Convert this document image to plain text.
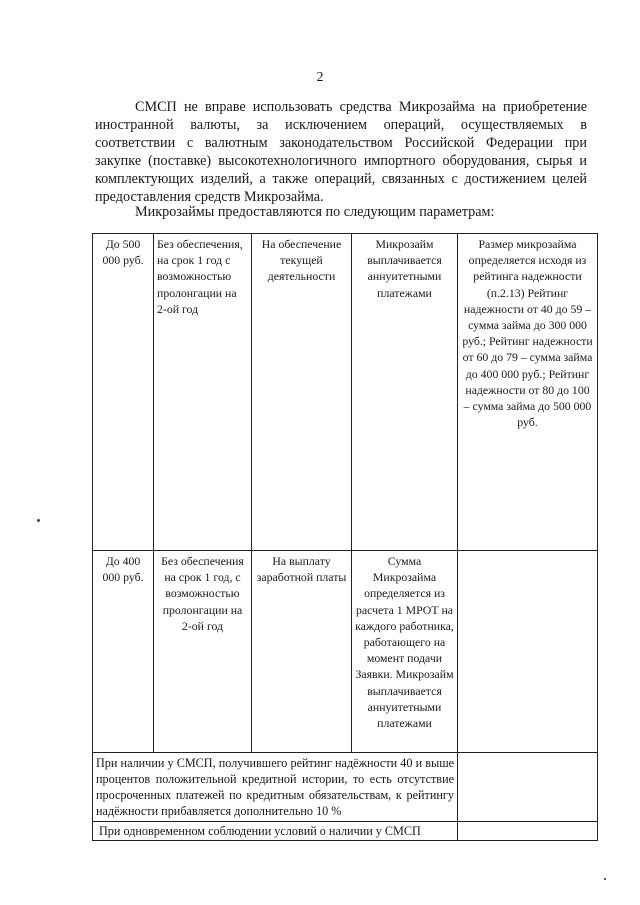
2

СМСП не вправе использовать средства Микрозайма на приобретение иностранной валюты, за исключением операций, осуществляемых в соответствии с валютным законодательством Российской Федерации при закупке (поставке) высокотехнологичного импортного оборудования, сырья и комплектующих изделий, а также операций, связанных с достижением целей предоставления средств Микрозайма.

Микрозаймы предоставляются по следующим параметрам:

До 500 000 руб.	Без обеспечения, на срок 1 год с возможностью пролонгации на 2-ой год	На обеспечение текущей деятельности	Микрозайм выплачивается аннуитетными платежами	Размер микрозайма определяется исходя из рейтинга надежности (п.2.13) Рейтинг надежности от 40 до 59 – сумма займа до 300 000 руб.; Рейтинг надежности от 60 до 79 – сумма займа до 400 000 руб.; Рейтинг надежности от 80 до 100 – сумма займа до 500 000 руб.
До 400 000 руб.	Без обеспечения на срок 1 год, с возможностью пролонгации на 2-ой год	На выплату заработной платы	Сумма Микрозайма определяется из расчета 1 МРОТ на каждого работника, работающего на момент подачи Заявки. Микрозайм выплачивается аннуитетными платежами	
При наличии у СМСП, получившего рейтинг надёжности 40 и выше процентов положительной кредитной истории, то есть отсутствие просроченных платежей по кредитным обязательствам, к рейтингу надёжности прибавляется дополнительно 10 %				
При одновременном соблюдении условий о наличии у СМСП				
